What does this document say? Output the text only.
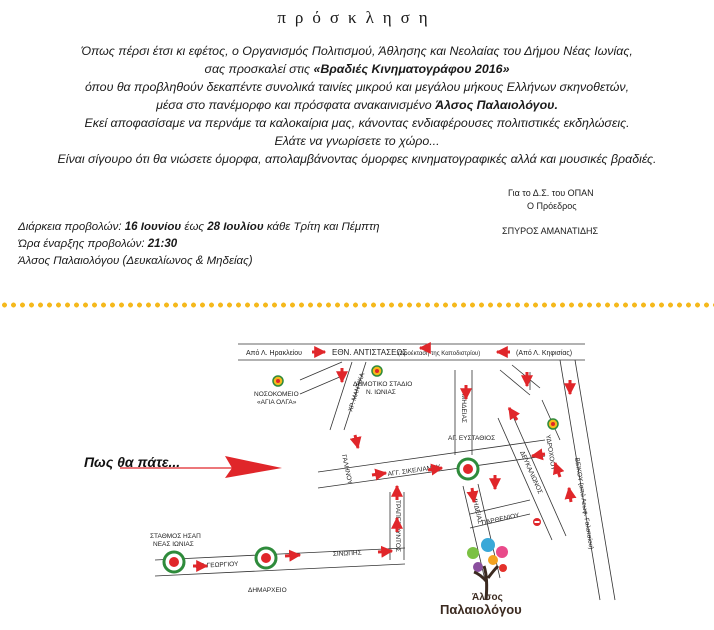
πρόσκληση
Όπως πέρσι έτσι κι εφέτος, ο Οργανισμός Πολιτισμού, Άθλησης και Νεολαίας του Δήμου Νέας Ιωνίας,
σας προσκαλεί στις «Βραδιές Κινηματογράφου 2016»
όπου θα προβληθούν δεκαπέντε συνολικά ταινίες μικρού και μεγάλου μήκους Ελλήνων σκηνοθετών,
μέσα στο πανέμορφο και πρόσφατα ανακαινισμένο Άλσος Παλαιολόγου.
Εκεί αποφασίσαμε να περνάμε τα καλοκαίρια μας, κάνοντας ενδιαφέρουσες πολιτιστικές εκδηλώσεις.
Ελάτε να γνωρίσετε το χώρο...
Είναι σίγουρο ότι θα νιώσετε όμορφα, απολαμβάνοντας όμορφες κινηματογραφικές αλλά και μουσικές βραδιές.
Για το Δ.Σ. του ΟΠΑΝ
Ο Πρόεδρος
ΣΠΥΡΟΣ ΑΜΑΝΑΤΙΔΗΣ
Διάρκεια προβολών: 16 Ιουνίου έως 28 Ιουλίου κάθε Τρίτη και Πέμπτη
Ώρα έναρξης προβολών: 21:30
Άλσος Παλαιολόγου (Δευκαλίωνος & Μηδείας)
Από Λ. Ηρακλείου	ΕΘΝ. ΑΝΤΙΣΤΑΣΕΩΣ
(προέκταση της Καποδιστρίου)	(Από Λ. Κηφισίας)
ΝΟΣΟΚΟΜΕΙΟ
«ΑΓΙΑ ΟΛΓΑ»
ΔΗΜΟΤΙΚΟ ΣΤΑΔΙΟ
Ν. ΙΩΝΙΑΣ
ΧΡ. ΜΑΝΤΙΚΑ
ΓΑΛΗΝΟΥ
ΜΗΔΕΙΑΣ
ΑΓ. ΕΥΣΤΑΘΙΟΣ
ΑΓΓ. ΣΙΚΕΛΙΑΝΟΥ	ΔΕΥΚΑΛΙΩΝΟΣ ΥΔΡΟΧΟΟΥ
ΒΕΙΚΟΥ (από Λεωφ. Γαλατσίου)
ΠΑΡΘΕΝΙΟΥ
ΜΗΔΕΙΑΣ
ΤΡΑΠΕΖΟΥΝΤΟΣ
ΣΙΝΩΠΗΣ
ΑΓ. ΓΕΩΡΓΙΟΥ
ΣΤΑΘΜΟΣ ΗΣΑΠ
ΝΕΑΣ ΙΩΝΙΑΣ
ΔΗΜΑΡΧΕΙΟ
Πως θα πάτε...
Άλσος
Παλαιολόγου
